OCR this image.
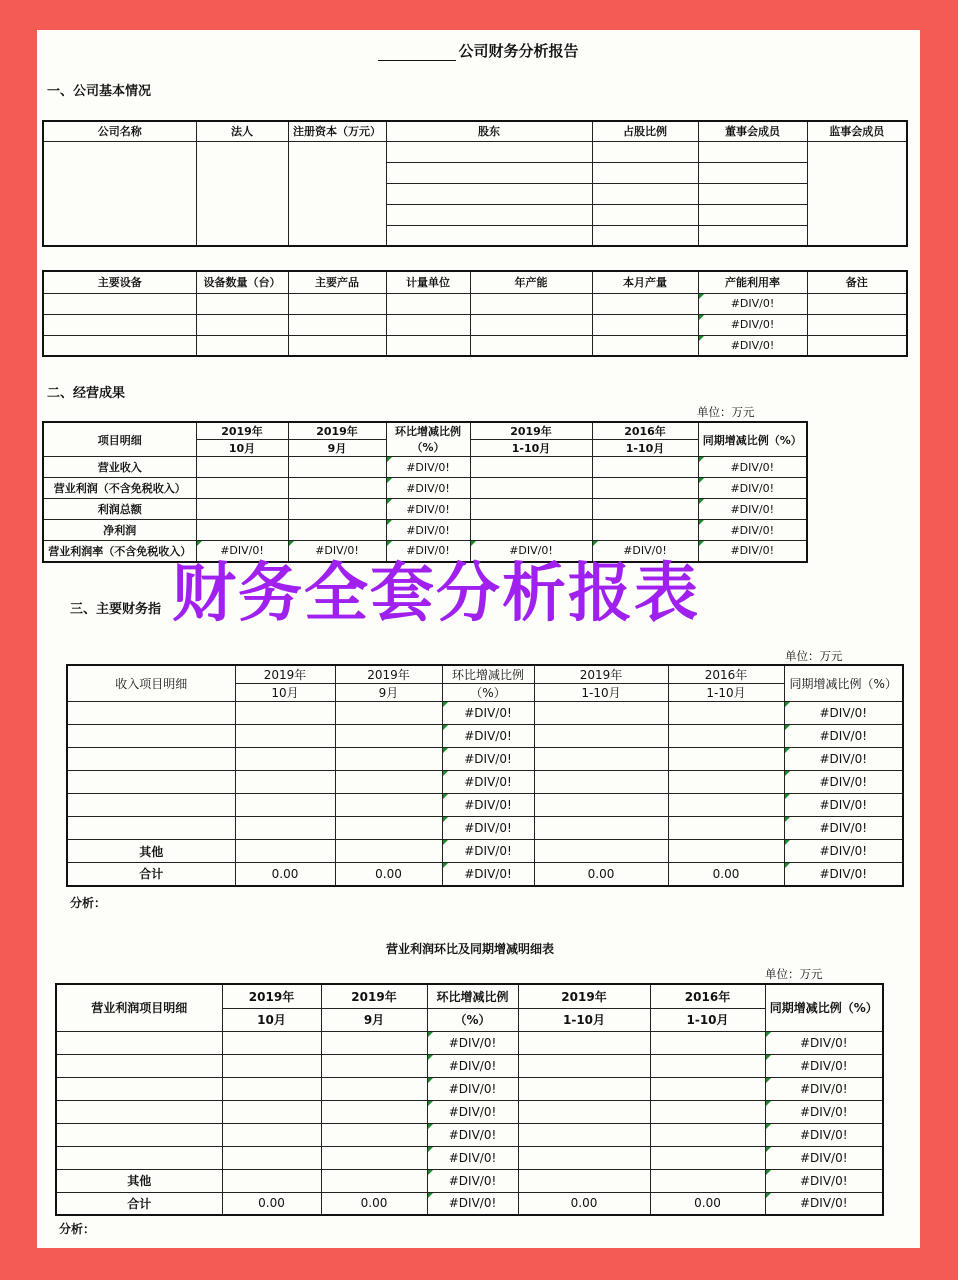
公司财务分析报告
一、公司基本情况
公司名称	法人	注册资本（万元）	股东	占股比例	董事会成员	监事会成员

主要设备	设备数量（台）	主要产品	计量单位	年产能	本月产量	产能利用率	备注
						#DIV/0!	
						#DIV/0!	
						#DIV/0!	
二、经营成果
单位：万元
项目明细	2019年	2019年	环比增减比例（%）	2019年	2016年	同期增减比例（%）
	10月	9月		1-10月	1-10月	
营业收入			#DIV/0!			#DIV/0!
营业利润（不含免税收入）			#DIV/0!			#DIV/0!
利润总额			#DIV/0!			#DIV/0!
净利润			#DIV/0!			#DIV/0!
营业利润率（不含免税收入）	#DIV/0!	#DIV/0!	#DIV/0!	#DIV/0!	#DIV/0!	#DIV/0!
三、主要财务指
单位：万元
收入项目明细	2019年	2019年	环比增减比例	2019年	2016年	同期增减比例（%）
	10月	9月	（%）	1-10月	1-10月	
			#DIV/0!			#DIV/0!
			#DIV/0!			#DIV/0!
			#DIV/0!			#DIV/0!
			#DIV/0!			#DIV/0!
			#DIV/0!			#DIV/0!
			#DIV/0!			#DIV/0!
其他			#DIV/0!			#DIV/0!
合计	0.00	0.00	#DIV/0!	0.00	0.00	#DIV/0!
分析：
营业利润环比及同期增减明细表
单位：万元
营业利润项目明细	2019年	2019年	环比增减比例	2019年	2016年	同期增减比例（%）
	10月	9月	（%）	1-10月	1-10月	
			#DIV/0!			#DIV/0!
			#DIV/0!			#DIV/0!
			#DIV/0!			#DIV/0!
			#DIV/0!			#DIV/0!
			#DIV/0!			#DIV/0!
			#DIV/0!			#DIV/0!
其他			#DIV/0!			#DIV/0!
合计	0.00	0.00	#DIV/0!	0.00	0.00	#DIV/0!
分析：
财务全套分析报表
